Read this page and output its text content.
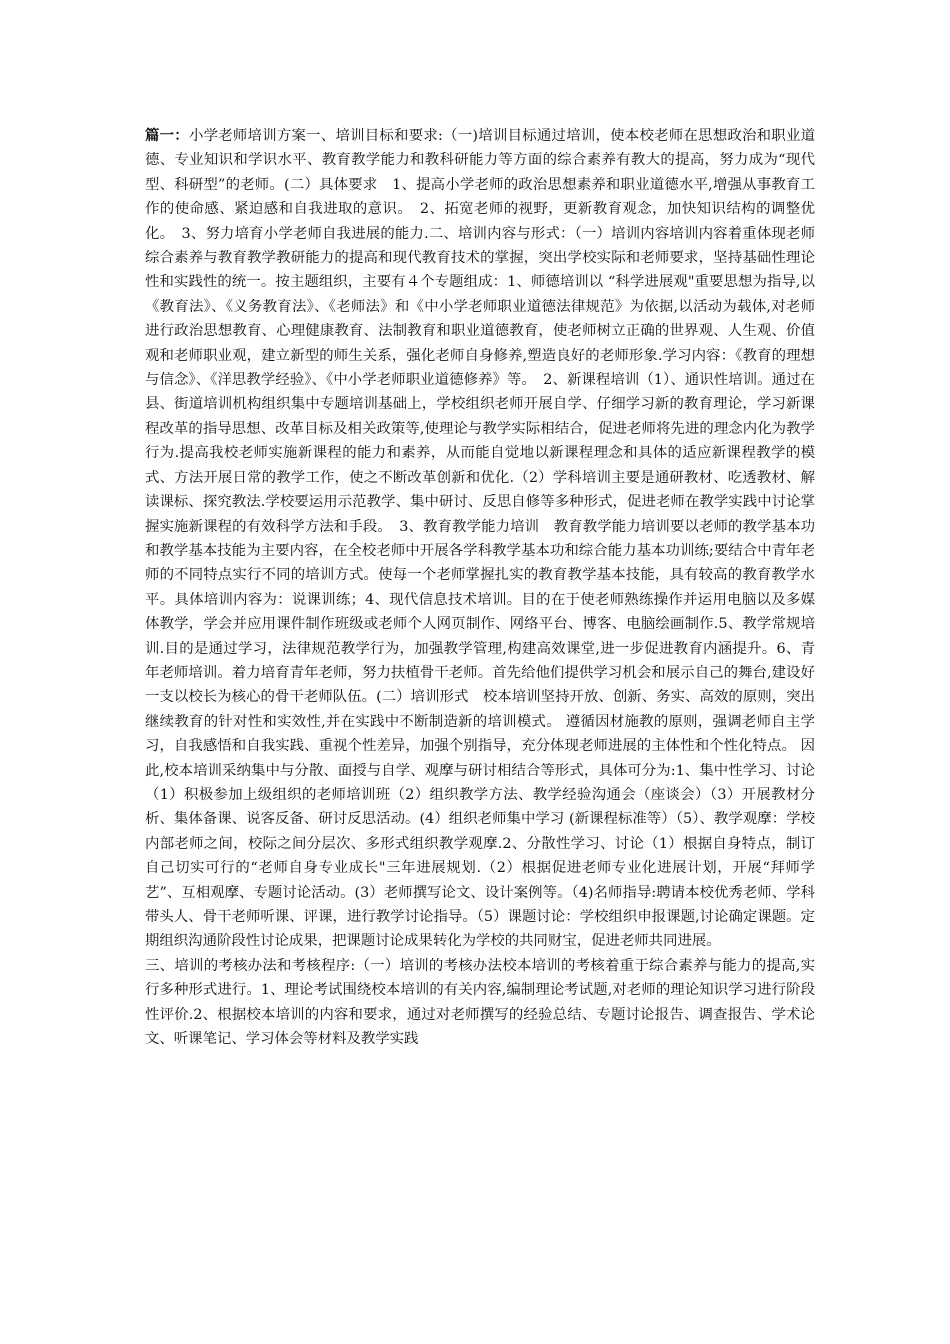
篇一：小学老师培训方案一、培训目标和要求:（一)培训目标通过培训，使本校老师在思想政治和职业道德、专业知识和学识水平、教育教学能力和教科研能力等方面的综合素养有教大的提高，努力成为“现代型、科研型”的老师。(二）具体要求　1、提高小学老师的政治思想素养和职业道德水平,增强从事教育工作的使命感、紧迫感和自我进取的意识。　2、拓宽老师的视野，更新教育观念，加快知识结构的调整优化。　3、努力培育小学老师自我进展的能力.二、培训内容与形式：（一）培训内容培训内容着重体现老师综合素养与教育教学教研能力的提高和现代教育技术的掌握，突出学校实际和老师要求，坚持基础性理论性和实践性的统一。按主题组织，主要有４个专题组成：1、师德培训以 “科学进展观"重要思想为指导,以《教育法》、《义务教育法》、《老师法》和《中小学老师职业道德法律规范》为依据,以活动为载体,对老师进行政治思想教育、心理健康教育、法制教育和职业道德教育，使老师树立正确的世界观、人生观、价值观和老师职业观，建立新型的师生关系，强化老师自身修养,塑造良好的老师形象.学习内容：《教育的理想与信念》、《洋思教学经验》、《中小学老师职业道德修养》等。　2、新课程培训（1）、通识性培训。通过在县、街道培训机构组织集中专题培训基础上，学校组织老师开展自学、仔细学习新的教育理论，学习新课程改革的指导思想、改革目标及相关政策等,使理论与教学实际相结合，促进老师将先进的理念内化为教学行为.提高我校老师实施新课程的能力和素养，从而能自觉地以新课程理念和具体的适应新课程教学的模式、方法开展日常的教学工作，使之不断改革创新和优化.（2）学科培训主要是通研教材、吃透教材、解读课标、探究教法.学校要运用示范教学、集中研讨、反思自修等多种形式，促进老师在教学实践中讨论掌握实施新课程的有效科学方法和手段。　3、教育教学能力培训　教育教学能力培训要以老师的教学基本功和教学基本技能为主要内容，在全校老师中开展各学科教学基本功和综合能力基本功训练;要结合中青年老师的不同特点实行不同的培训方式。使每一个老师掌握扎实的教育教学基本技能，具有较高的教育教学水平。具体培训内容为：说课训练；4、现代信息技术培训。目的在于使老师熟练操作并运用电脑以及多媒体教学，学会并应用课件制作班级或老师个人网页制作、网络平台、博客、电脑绘画制作.5、教学常规培训.目的是通过学习，法律规范教学行为，加强教学管理,构建高效课堂,进一步促进教育内涵提升。6、青年老师培训。着力培育青年老师，努力扶植骨干老师。首先给他们提供学习机会和展示自己的舞台,建设好一支以校长为核心的骨干老师队伍。(二）培训形式　校本培训坚持开放、创新、务实、高效的原则，突出继续教育的针对性和实效性,并在实践中不断制造新的培训模式。 遵循因材施教的原则，强调老师自主学习，自我感悟和自我实践、重视个性差异，加强个别指导，充分体现老师进展的主体性和个性化特点。 因此,校本培训采纳集中与分散、面授与自学、观摩与研讨相结合等形式，具体可分为:1、集中性学习、讨论（1）积极参加上级组织的老师培训班（2）组织教学方法、教学经验沟通会（座谈会）（3）开展教材分析、集体备课、说客反备、研讨反思活动。(4）组织老师集中学习 (新课程标准等）（5）、教学观摩：学校内部老师之间，校际之间分层次、多形式组织教学观摩.2、分散性学习、讨论（1）根据自身特点，制订自己切实可行的“老师自身专业成长"三年进展规划.（2）根据促进老师专业化进展计划，开展“拜师学艺”、互相观摩、专题讨论活动。(3）老师撰写论文、设计案例等。（4)名师指导:聘请本校优秀老师、学科带头人、骨干老师听课、评课，进行教学讨论指导。（5）课题讨论：学校组织申报课题,讨论确定课题。定期组织沟通阶段性讨论成果，把课题讨论成果转化为学校的共同财宝，促进老师共同进展。

三、培训的考核办法和考核程序:（一）培训的考核办法校本培训的考核着重于综合素养与能力的提高,实行多种形式进行。1、理论考试围绕校本培训的有关内容,编制理论考试题,对老师的理论知识学习进行阶段性评价.2、根据校本培训的内容和要求，通过对老师撰写的经验总结、专题讨论报告、调查报告、学术论文、听课笔记、学习体会等材料及教学实践
